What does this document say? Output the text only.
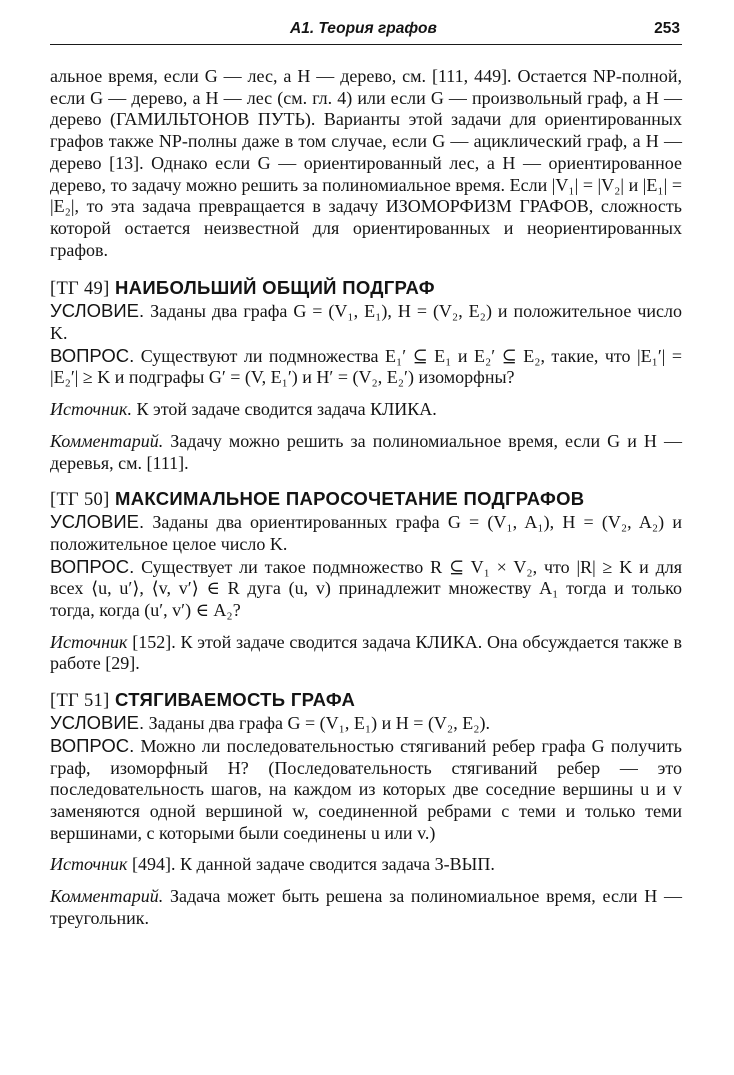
A1. Теория графов	253

альное время, если G — лес, а H — дерево, см. [111, 449]. Остается NP-полной, если G — дерево, а H — лес (см. гл. 4) или если G — произвольный граф, а H — дерево (ГАМИЛЬТОНОВ ПУТЬ). Варианты этой задачи для ориентированных графов также NP-полны даже в том случае, если G — ациклический граф, а H — дерево [13]. Однако если G — ориентированный лес, а H — ориентированное дерево, то задачу можно решить за полиномиальное время. Если |V₁| = |V₂| и |E₁| = |E₂|, то эта задача превращается в задачу ИЗОМОРФИЗМ ГРАФОВ, сложность которой остается неизвестной для ориентированных и неориентированных графов.

[ТГ 49] НАИБОЛЬШИЙ ОБЩИЙ ПОДГРАФ

УСЛОВИЕ. Заданы два графа G = (V₁, E₁), H = (V₂, E₂) и положительное число K.

ВОПРОС. Существуют ли подмножества E₁′ ⊆ E₁ и E₂′ ⊆ E₂, такие, что |E₁′| = |E₂′| ≥ K и подграфы G′ = (V, E₁′) и H′ = (V₂, E₂′) изоморфны?

Источник. К этой задаче сводится задача КЛИКА.

Комментарий. Задачу можно решить за полиномиальное время, если G и H — деревья, см. [111].

[ТГ 50] МАКСИМАЛЬНОЕ ПАРОСОЧЕТАНИЕ ПОДГРАФОВ

УСЛОВИЕ. Заданы два ориентированных графа G = (V₁, A₁), H = (V₂, A₂) и положительное целое число K.

ВОПРОС. Существует ли такое подмножество R ⊆ V₁ × V₂, что |R| ≥ K и для всех ⟨u, u′⟩, ⟨v, v′⟩ ∈ R дуга (u, v) принадлежит множеству A₁ тогда и только тогда, когда (u′, v′) ∈ A₂?

Источник [152]. К этой задаче сводится задача КЛИКА. Она обсуждается также в работе [29].

[ТГ 51] СТЯГИВАЕМОСТЬ ГРАФА

УСЛОВИЕ. Заданы два графа G = (V₁, E₁) и H = (V₂, E₂).

ВОПРОС. Можно ли последовательностью стягиваний ребер графа G получить граф, изоморфный H? (Последовательность стягиваний ребер — это последовательность шагов, на каждом из которых две соседние вершины u и v заменяются одной вершиной w, соединенной ребрами с теми и только теми вершинами, с которыми были соединены u или v.)

Источник [494]. К данной задаче сводится задача 3-ВЫП.

Комментарий. Задача может быть решена за полиномиальное время, если H — треугольник.
